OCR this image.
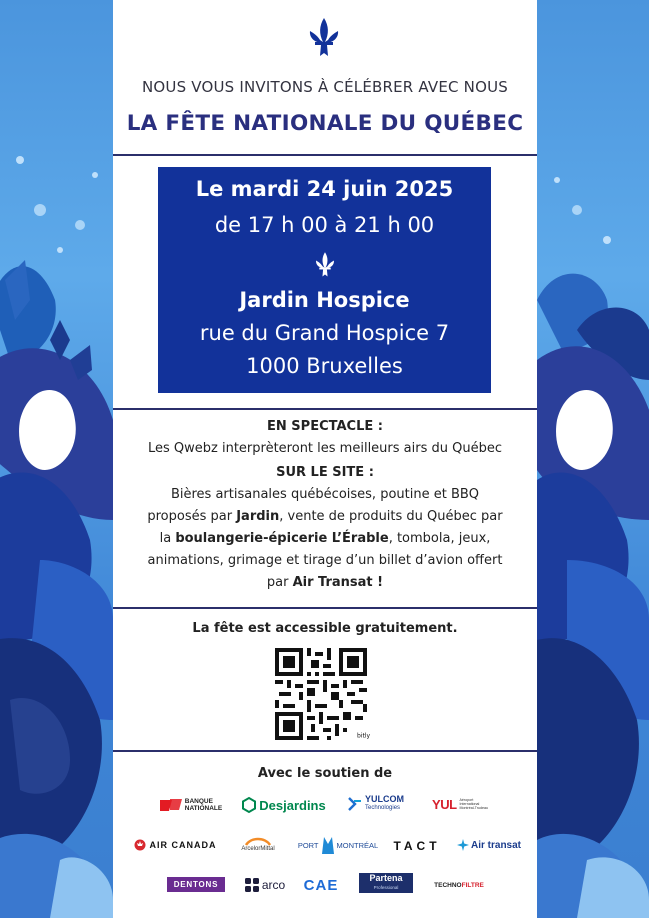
NOUS VOUS INVITONS À CÉLÉBRER AVEC NOUS
LA FÊTE NATIONALE DU QUÉBEC
Le mardi 24 juin 2025
de 17 h 00 à 21 h 00
Jardin Hospice
rue du Grand Hospice 7
1000 Bruxelles
EN SPECTACLE :
Les Qwebz interprèteront les meilleurs airs du Québec
SUR LE SITE :
Bières artisanales québécoises, poutine et BBQ
proposés par Jardin, vente de produits du Québec par
la boulangerie-épicerie L’Érable, tombola, jeux,
animations, grimage et tirage d’un billet d’avion offert
par Air Transat !
La fête est accessible gratuitement.
bitly
Avec le soutien de
BANQUE
NATIONALE	Desjardins	YULCOM
Technologies	YUL Aéroport
International
Montréal-Trudeau
AIR CANADA	ArcelorMittal	PORT MONTRÉAL TACT	Air transat
DENTONS	arco CAE	Partena
Professional	TECHNO FILTRE
